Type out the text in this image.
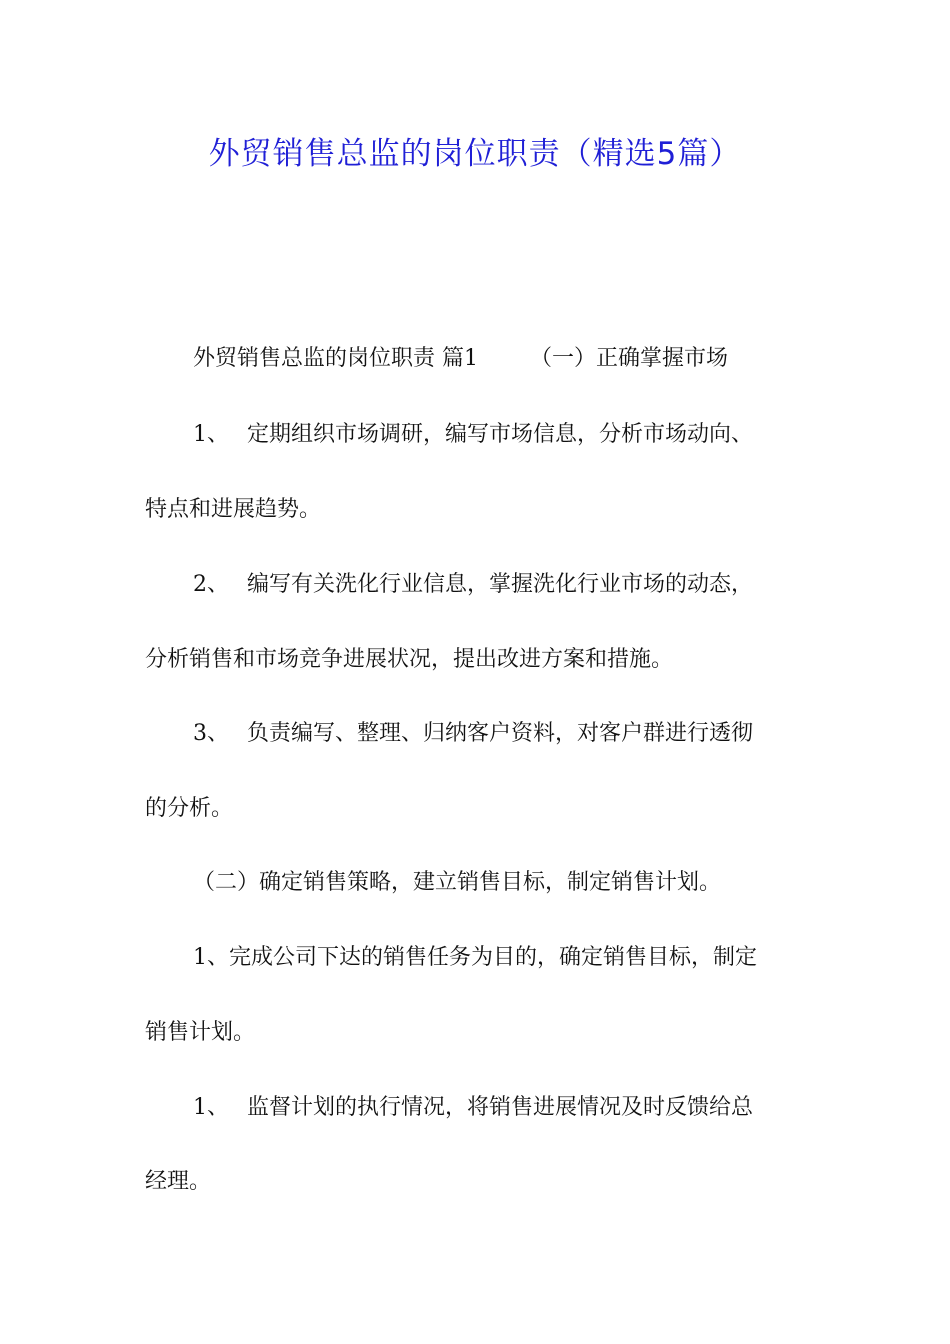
外贸销售总监的岗位职责（精选5篇）

外贸销售总监的岗位职责 篇1 （一）正确掌握市场

1、 定期组织市场调研，编写市场信息，分析市场动向、

特点和进展趋势。

2、 编写有关洗化行业信息，掌握洗化行业市场的动态，

分析销售和市场竞争进展状况，提出改进方案和措施。

3、 负责编写、整理、归纳客户资料，对客户群进行透彻

的分析。

（二）确定销售策略，建立销售目标，制定销售计划。

1、完成公司下达的销售任务为目的，确定销售目标，制定

销售计划。

1、 监督计划的执行情况，将销售进展情况及时反馈给总

经理。
